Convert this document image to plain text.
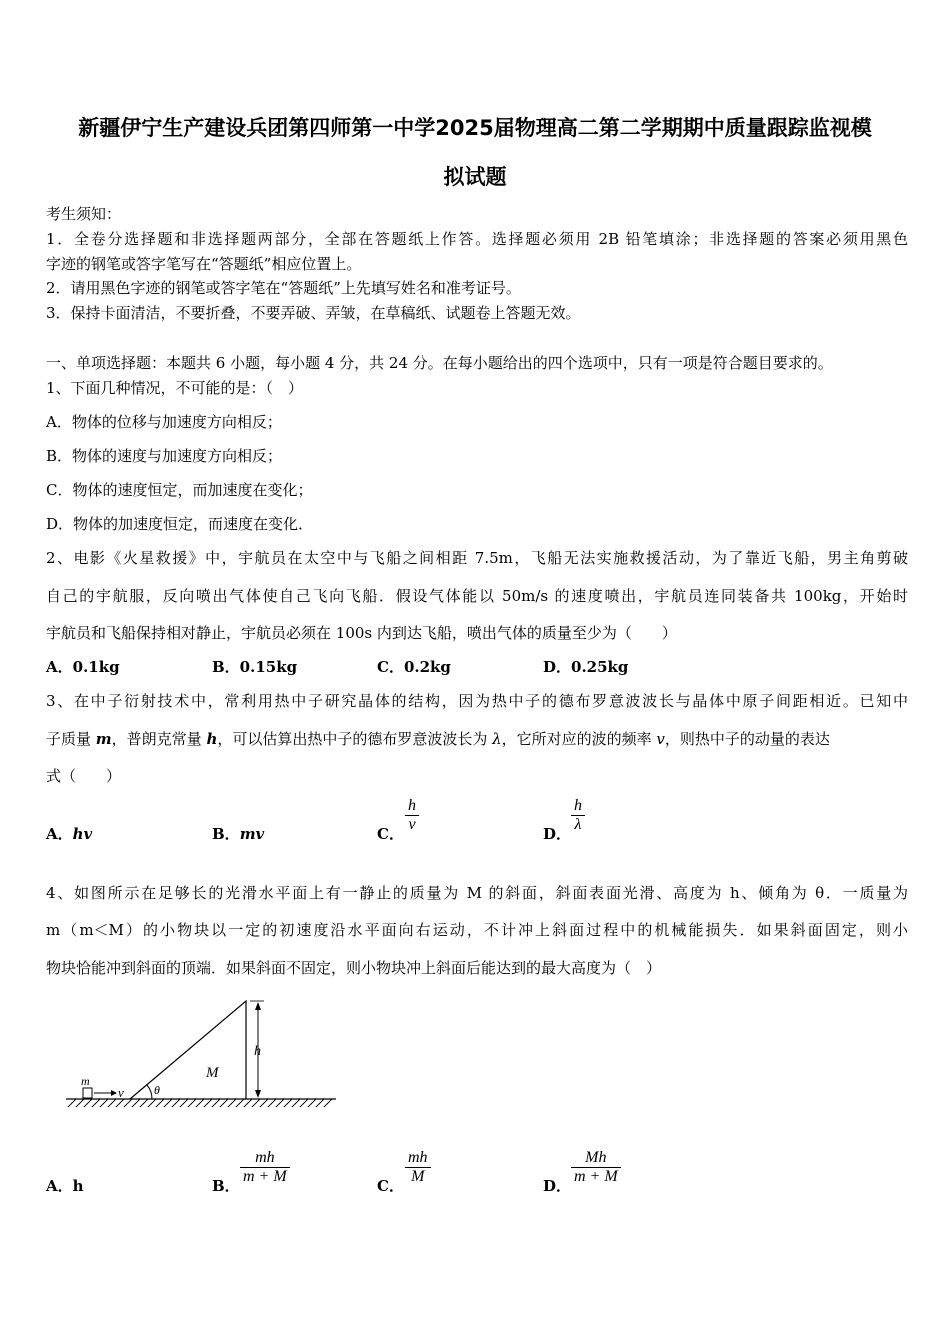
新疆伊宁生产建设兵团第四师第一中学2025届物理高二第二学期期中质量跟踪监视模
拟试题
考生须知：
1．全卷分选择题和非选择题两部分，全部在答题纸上作答。选择题必须用 2B 铅笔填涂；非选择题的答案必须用黑色
字迹的钢笔或答字笔写在“答题纸”相应位置上。
2．请用黑色字迹的钢笔或答字笔在“答题纸”上先填写姓名和准考证号。
3．保持卡面清洁，不要折叠，不要弄破、弄皱，在草稿纸、试题卷上答题无效。
一、单项选择题：本题共 6 小题，每小题 4 分，共 24 分。在每小题给出的四个选项中，只有一项是符合题目要求的。
1、下面几种情况，不可能的是：（　）
A．物体的位移与加速度方向相反；
B．物体的速度与加速度方向相反；
C．物体的速度恒定，而加速度在变化；
D．物体的加速度恒定，而速度在变化．
2、电影《火星救援》中，宇航员在太空中与飞船之间相距 7.5m，飞船无法实施救援活动，为了靠近飞船，男主角剪破
自己的宇航服，反向喷出气体使自己飞向飞船．假设气体能以 50m/s 的速度喷出，宇航员连同装备共 100kg，开始时
宇航员和飞船保持相对静止，宇航员必须在 100s 内到达飞船，喷出气体的质量至少为（　　）
A．0.1kg	B．0.15kg	C．0.2kg	D．0.25kg
3、在中子衍射技术中，常利用热中子研究晶体的结构，因为热中子的德布罗意波波长与晶体中原子间距相近。已知中
子质量 m，普朗克常量 h，可以估算出热中子的德布罗意波波长为 λ，它所对应的波的频率 v，则热中子的动量的表达
式（　　）
A．hv	B．mv	C．
h
v
D．
h
λ
4、如图所示在足够长的光滑水平面上有一静止的质量为 M 的斜面，斜面表面光滑、高度为 h、倾角为 θ．一质量为
m（m＜M）的小物块以一定的初速度沿水平面向右运动，不计冲上斜面过程中的机械能损失．如果斜面固定，则小
物块恰能冲到斜面的顶端．如果斜面不固定，则小物块冲上斜面后能达到的最大高度为（　）
θ
M
h
m
v
A．h	B．
mh
m + M
C．
mh
M
D．
Mh
m + M
